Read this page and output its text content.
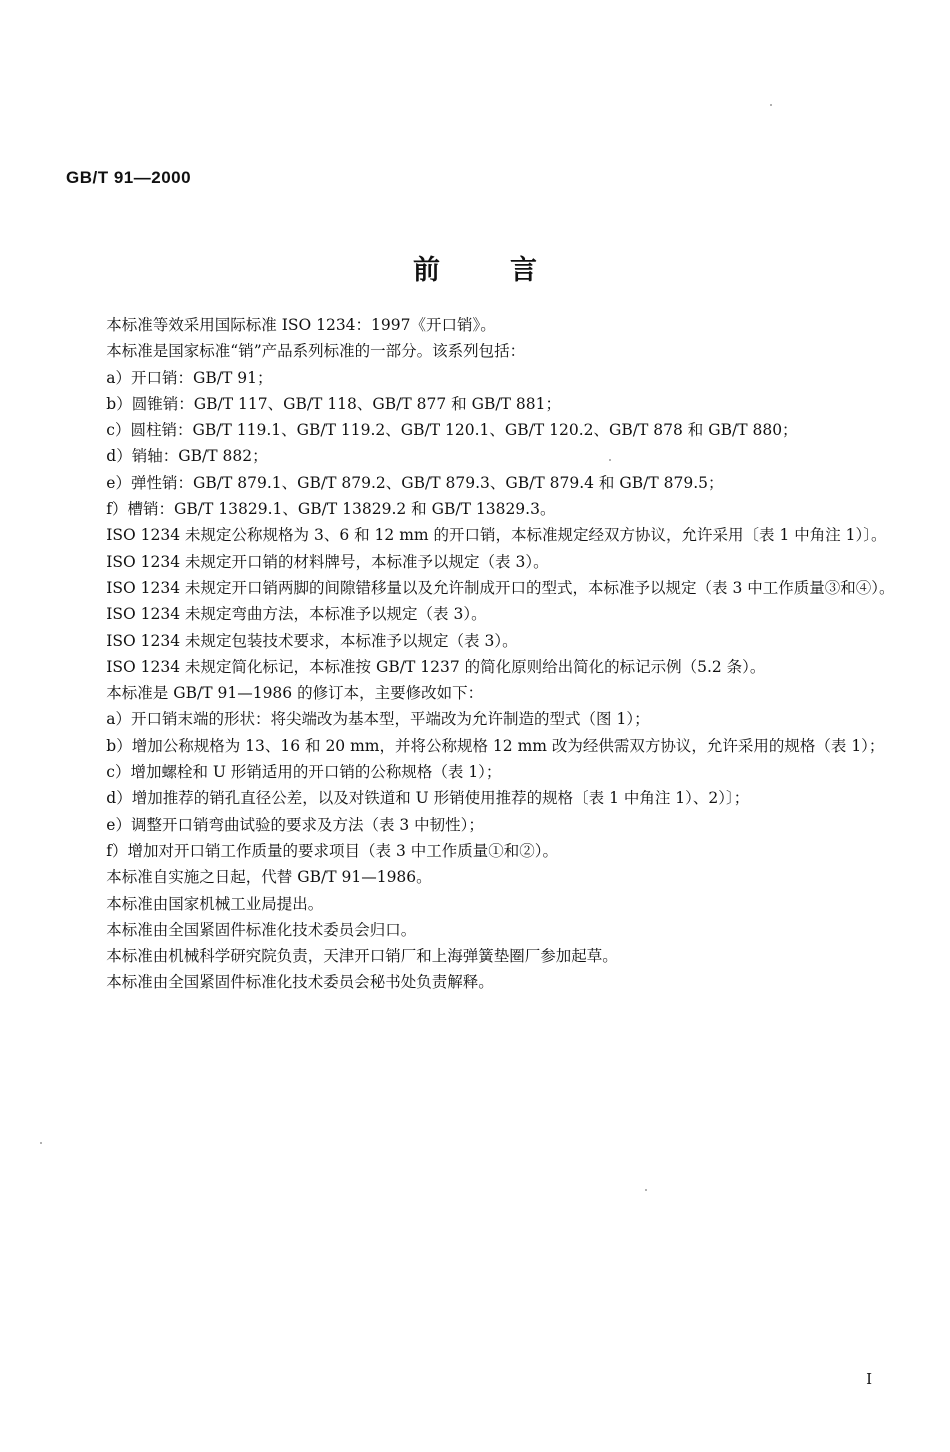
GB/T 91—2000
前言

本标准等效采用国际标准 ISO 1234：1997《开口销》。

本标准是国家标准“销”产品系列标准的一部分。该系列包括：

a）开口销：GB/T 91；

b）圆锥销：GB/T 117、GB/T 118、GB/T 877 和 GB/T 881；

c）圆柱销：GB/T 119.1、GB/T 119.2、GB/T 120.1、GB/T 120.2、GB/T 878 和 GB/T 880；

d）销轴：GB/T 882；

e）弹性销：GB/T 879.1、GB/T 879.2、GB/T 879.3、GB/T 879.4 和 GB/T 879.5；

f）槽销：GB/T 13829.1、GB/T 13829.2 和 GB/T 13829.3。

ISO 1234 未规定公称规格为 3、6 和 12 mm 的开口销，本标准规定经双方协议，允许采用〔表 1 中角注 1）〕。

ISO 1234 未规定开口销的材料牌号，本标准予以规定（表 3）。

ISO 1234 未规定开口销两脚的间隙错移量以及允许制成开口的型式，本标准予以规定（表 3 中工作质量③和④）。

ISO 1234 未规定弯曲方法，本标准予以规定（表 3）。

ISO 1234 未规定包装技术要求，本标准予以规定（表 3）。

ISO 1234 未规定简化标记，本标准按 GB/T 1237 的简化原则给出简化的标记示例（5.2 条）。

本标准是 GB/T 91—1986 的修订本，主要修改如下：

a）开口销末端的形状：将尖端改为基本型，平端改为允许制造的型式（图 1）；

b）增加公称规格为 13、16 和 20 mm，并将公称规格 12 mm 改为经供需双方协议，允许采用的规格（表 1）；

c）增加螺栓和 U 形销适用的开口销的公称规格（表 1）；

d）增加推荐的销孔直径公差，以及对铁道和 U 形销使用推荐的规格〔表 1 中角注 1）、2）〕；

e）调整开口销弯曲试验的要求及方法（表 3 中韧性）；

f）增加对开口销工作质量的要求项目（表 3 中工作质量①和②）。

本标准自实施之日起，代替 GB/T 91—1986。

本标准由国家机械工业局提出。

本标准由全国紧固件标准化技术委员会归口。

本标准由机械科学研究院负责，天津开口销厂和上海弹簧垫圈厂参加起草。

本标准由全国紧固件标准化技术委员会秘书处负责解释。

I
